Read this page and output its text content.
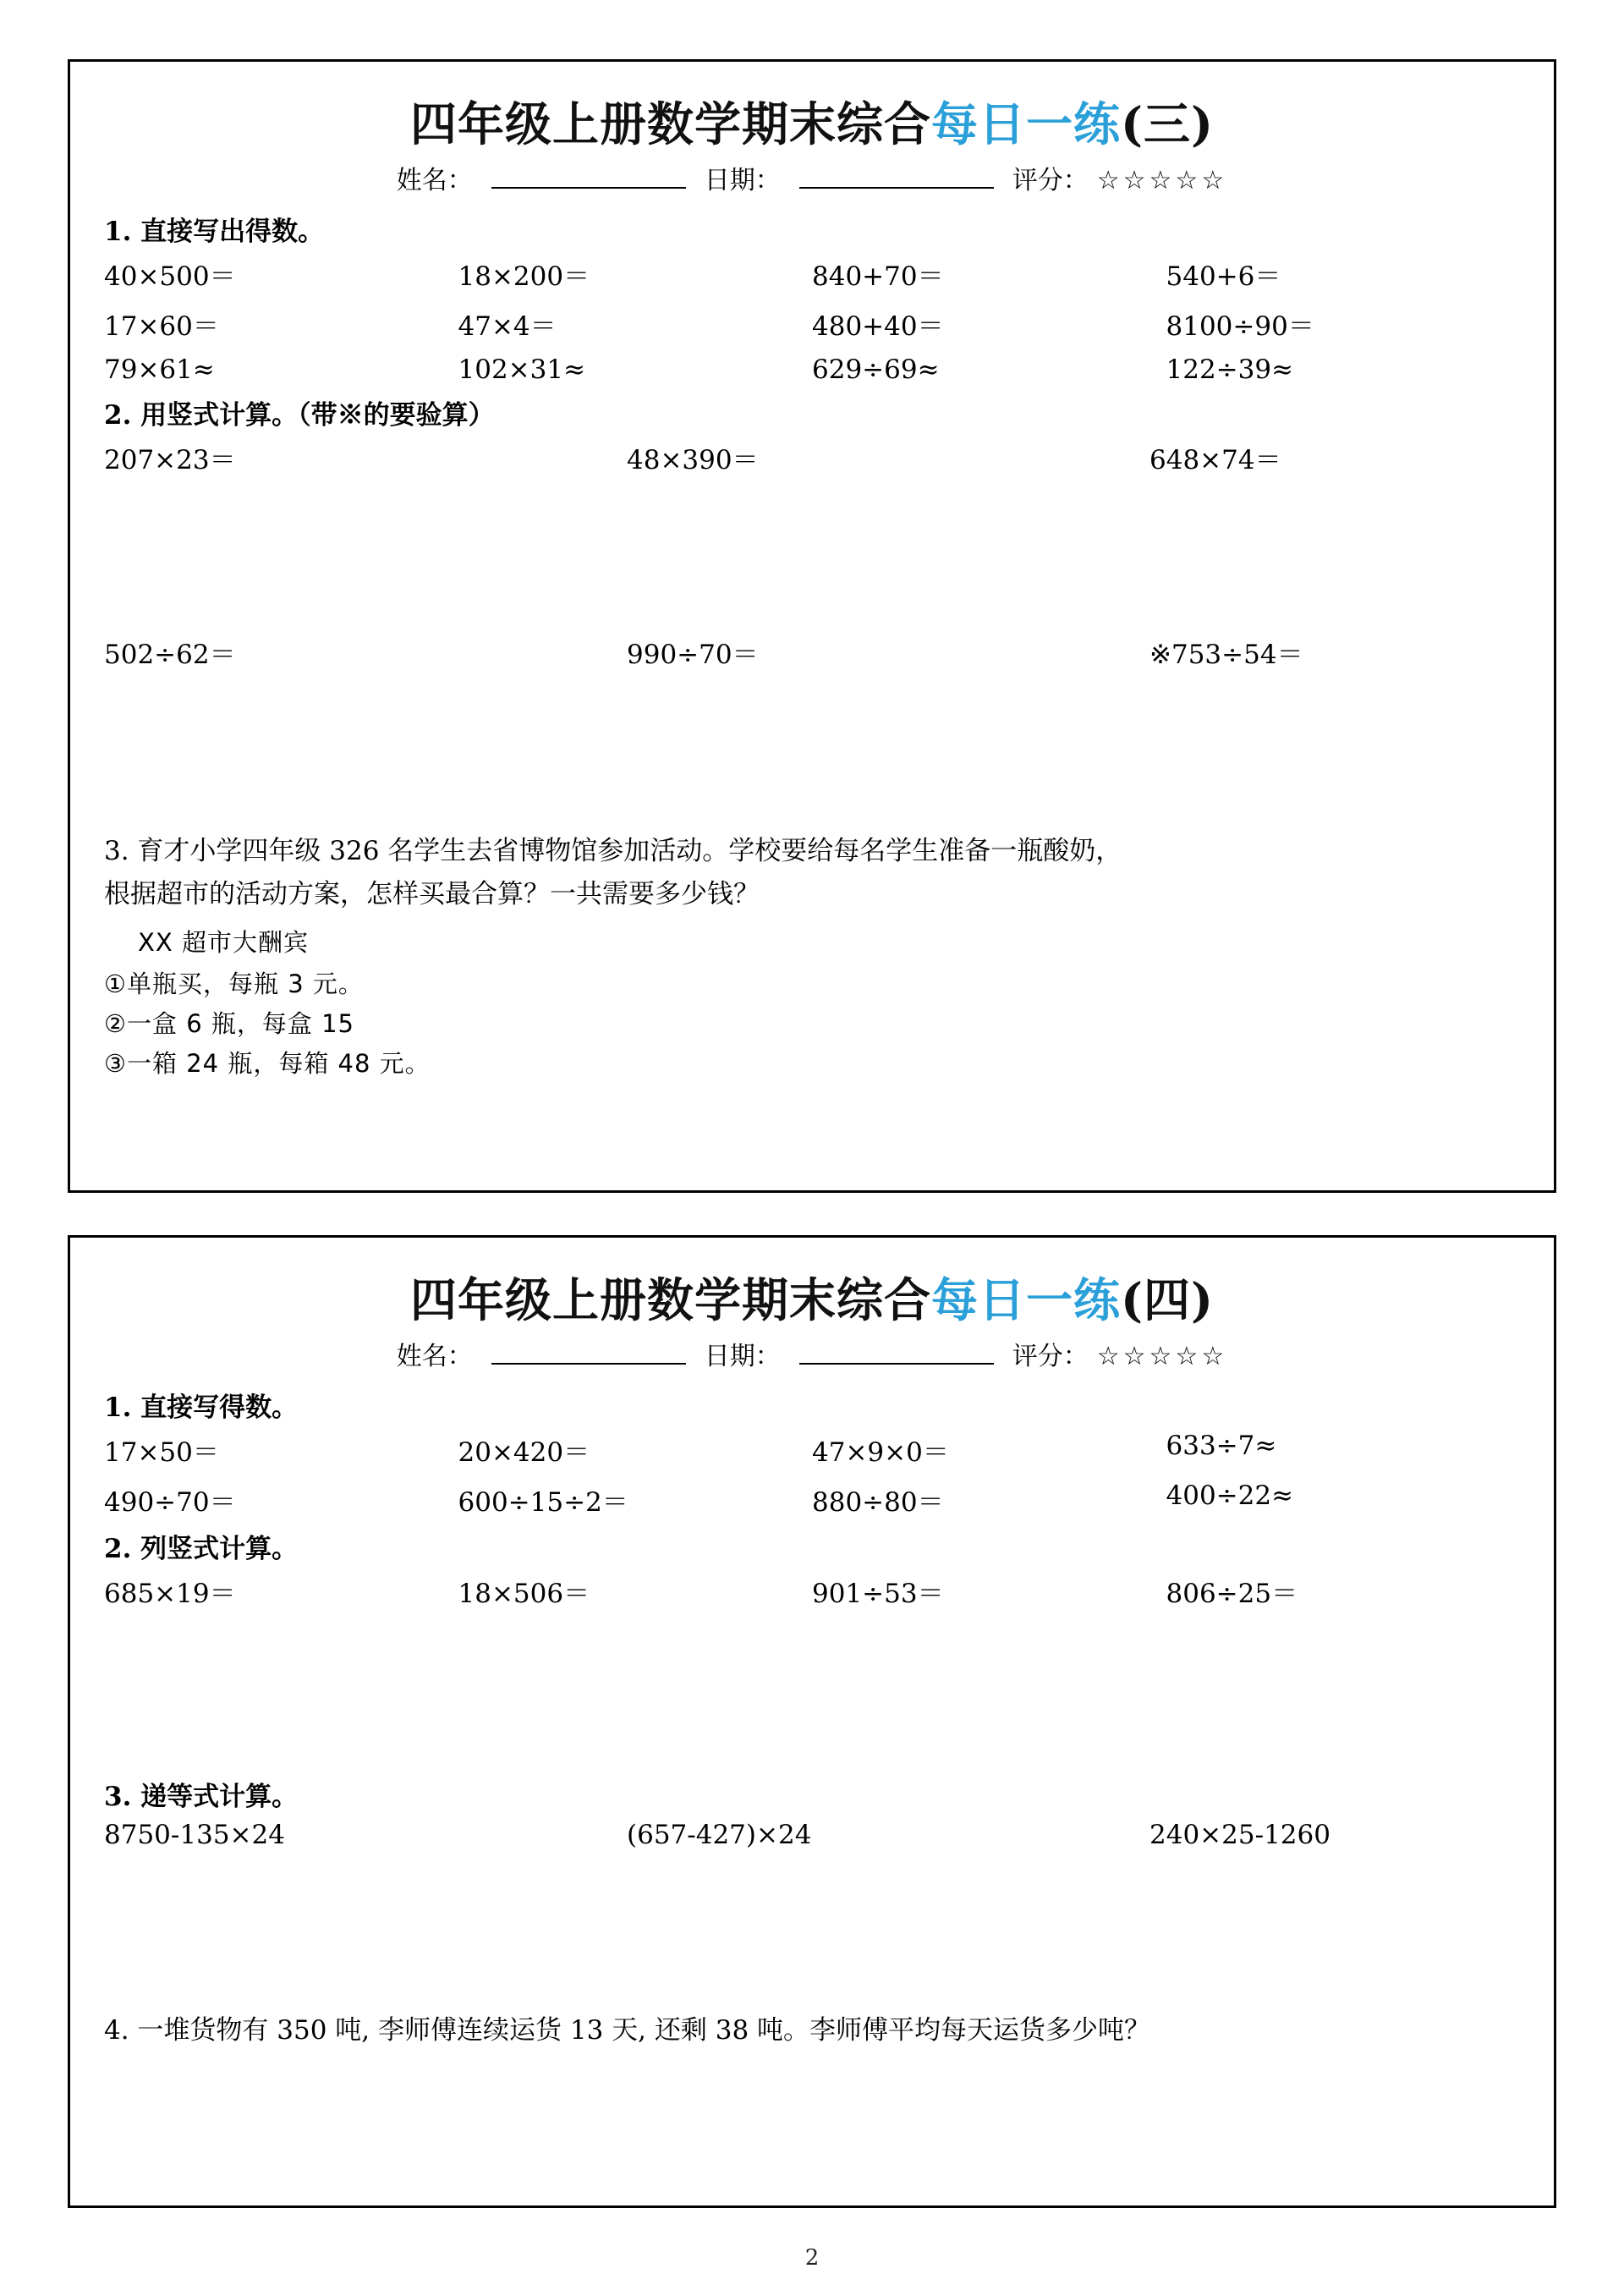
四年级上册数学期末综合每日一练(三)
姓名：	日期：	评分： ☆☆☆☆☆
1. 直接写出得数。
40×500＝	18×200＝	840+70＝	540+6＝
17×60＝	47×4＝	480+40＝	8100÷90＝
79×61≈	102×31≈	629÷69≈	122÷39≈
2. 用竖式计算。（带※的要验算）
207×23＝	48×390＝	648×74＝
502÷62＝	990÷70＝	※753÷54＝
3. 育才小学四年级 326 名学生去省博物馆参加活动。学校要给每名学生准备一瓶酸奶，
根据超市的活动方案，怎样买最合算？一共需要多少钱？
XX 超市大酬宾
①单瓶买，每瓶 3 元。
②一盒 6 瓶，每盒 15
③一箱 24 瓶，每箱 48 元。
四年级上册数学期末综合每日一练(四)
姓名：	日期：	评分： ☆☆☆☆☆
1. 直接写得数。
17×50＝	20×420＝	47×9×0＝	633÷7≈
490÷70＝	600÷15÷2＝	880÷80＝	400÷22≈
2. 列竖式计算。
685×19＝	18×506＝	901÷53＝	806÷25＝
3. 递等式计算。
8750-135×24	(657-427)×24	240×25-1260
4. 一堆货物有 350 吨, 李师傅连续运货 13 天, 还剩 38 吨。李师傅平均每天运货多少吨？
2
